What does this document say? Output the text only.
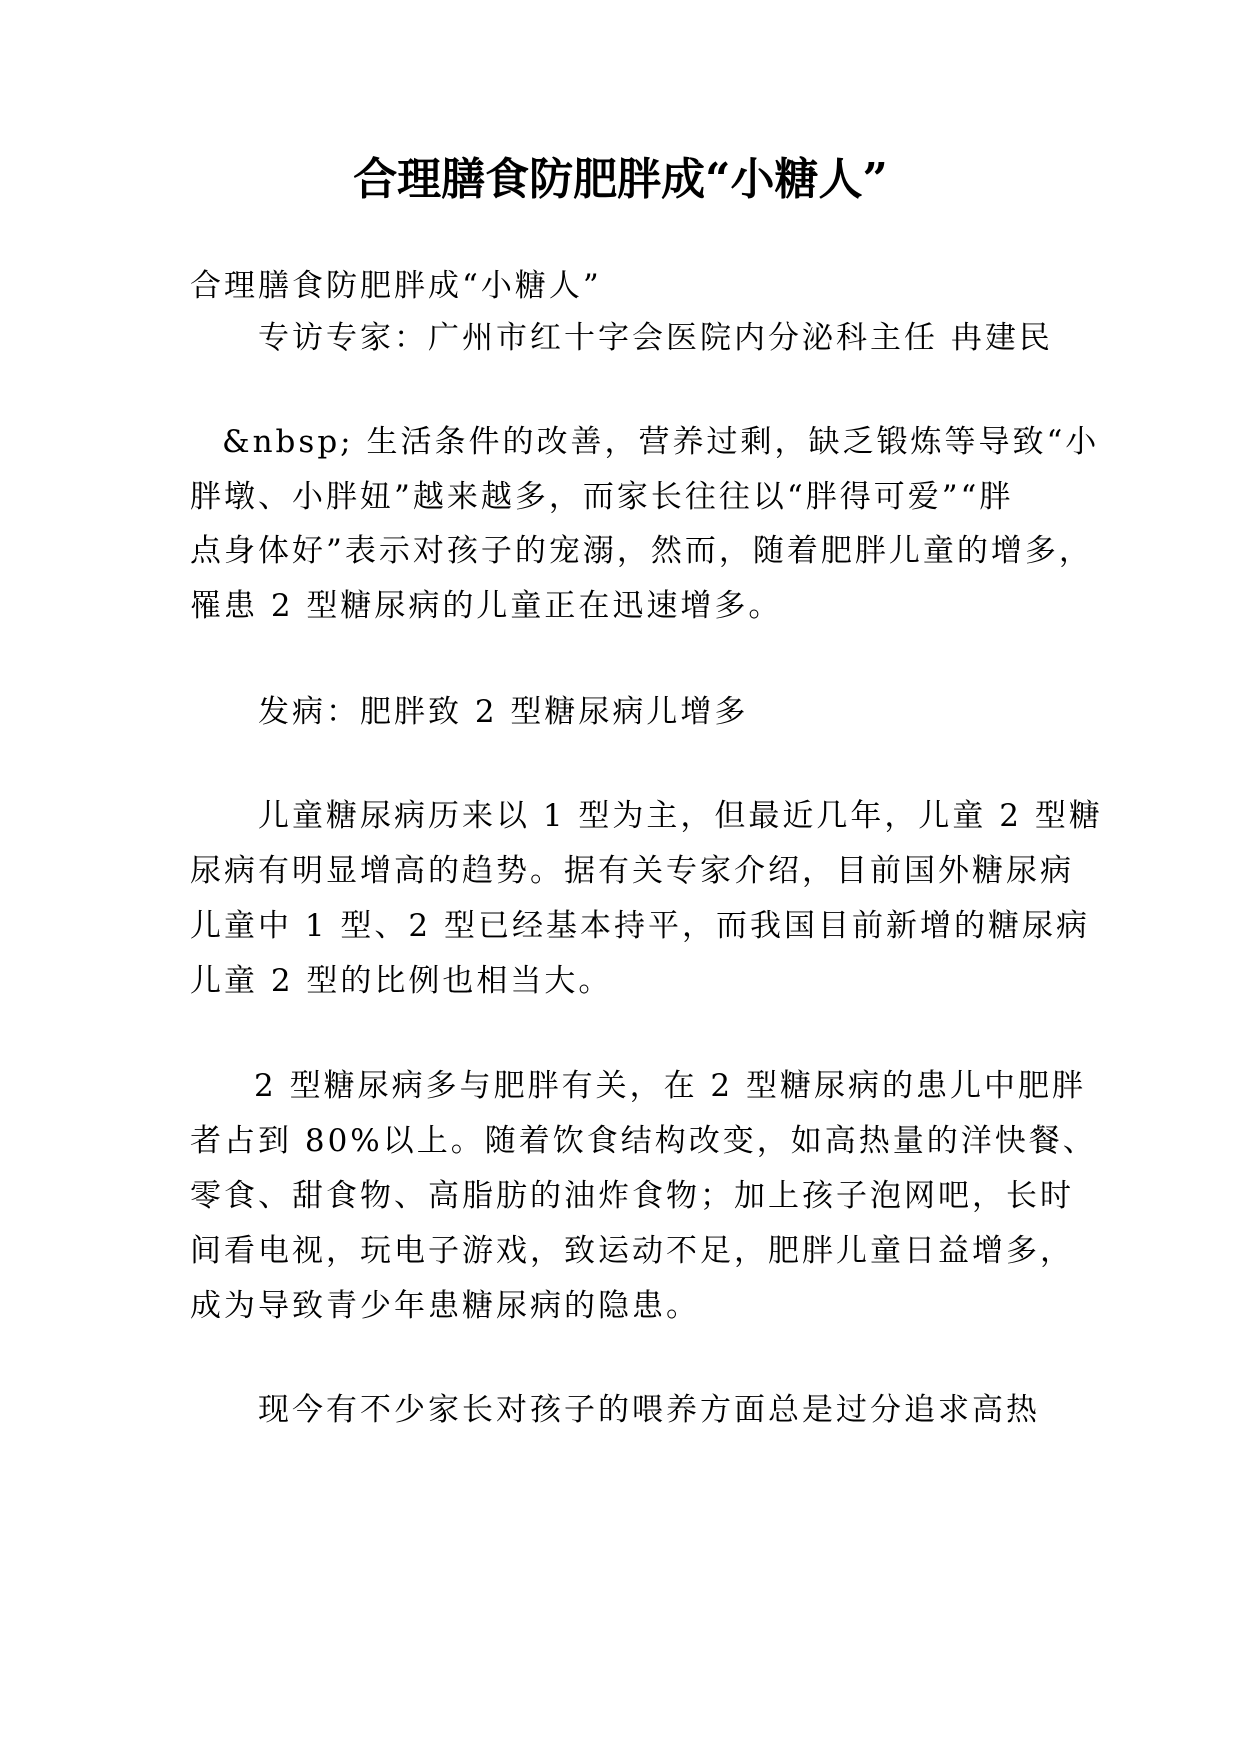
合理膳食防肥胖成“小糖人”
合理膳食防肥胖成“小糖人”
专访专家：广州市红十字会医院内分泌科主任 冉建民
&nbsp; 生活条件的改善，营养过剩，缺乏锻炼等导致“小
胖墩、小胖妞”越来越多，而家长往往以“胖得可爱”“胖
点身体好”表示对孩子的宠溺，然而，随着肥胖儿童的增多，
罹患 2 型糖尿病的儿童正在迅速增多。
发病：肥胖致 2 型糖尿病儿增多
儿童糖尿病历来以 1 型为主，但最近几年，儿童 2 型糖
尿病有明显增高的趋势。据有关专家介绍，目前国外糖尿病
儿童中 1 型、2 型已经基本持平，而我国目前新增的糖尿病
儿童 2 型的比例也相当大。
2 型糖尿病多与肥胖有关，在 2 型糖尿病的患儿中肥胖
者占到 80%以上。随着饮食结构改变，如高热量的洋快餐、
零食、甜食物、高脂肪的油炸食物；加上孩子泡网吧，长时
间看电视，玩电子游戏，致运动不足，肥胖儿童日益增多，
成为导致青少年患糖尿病的隐患。
现今有不少家长对孩子的喂养方面总是过分追求高热
